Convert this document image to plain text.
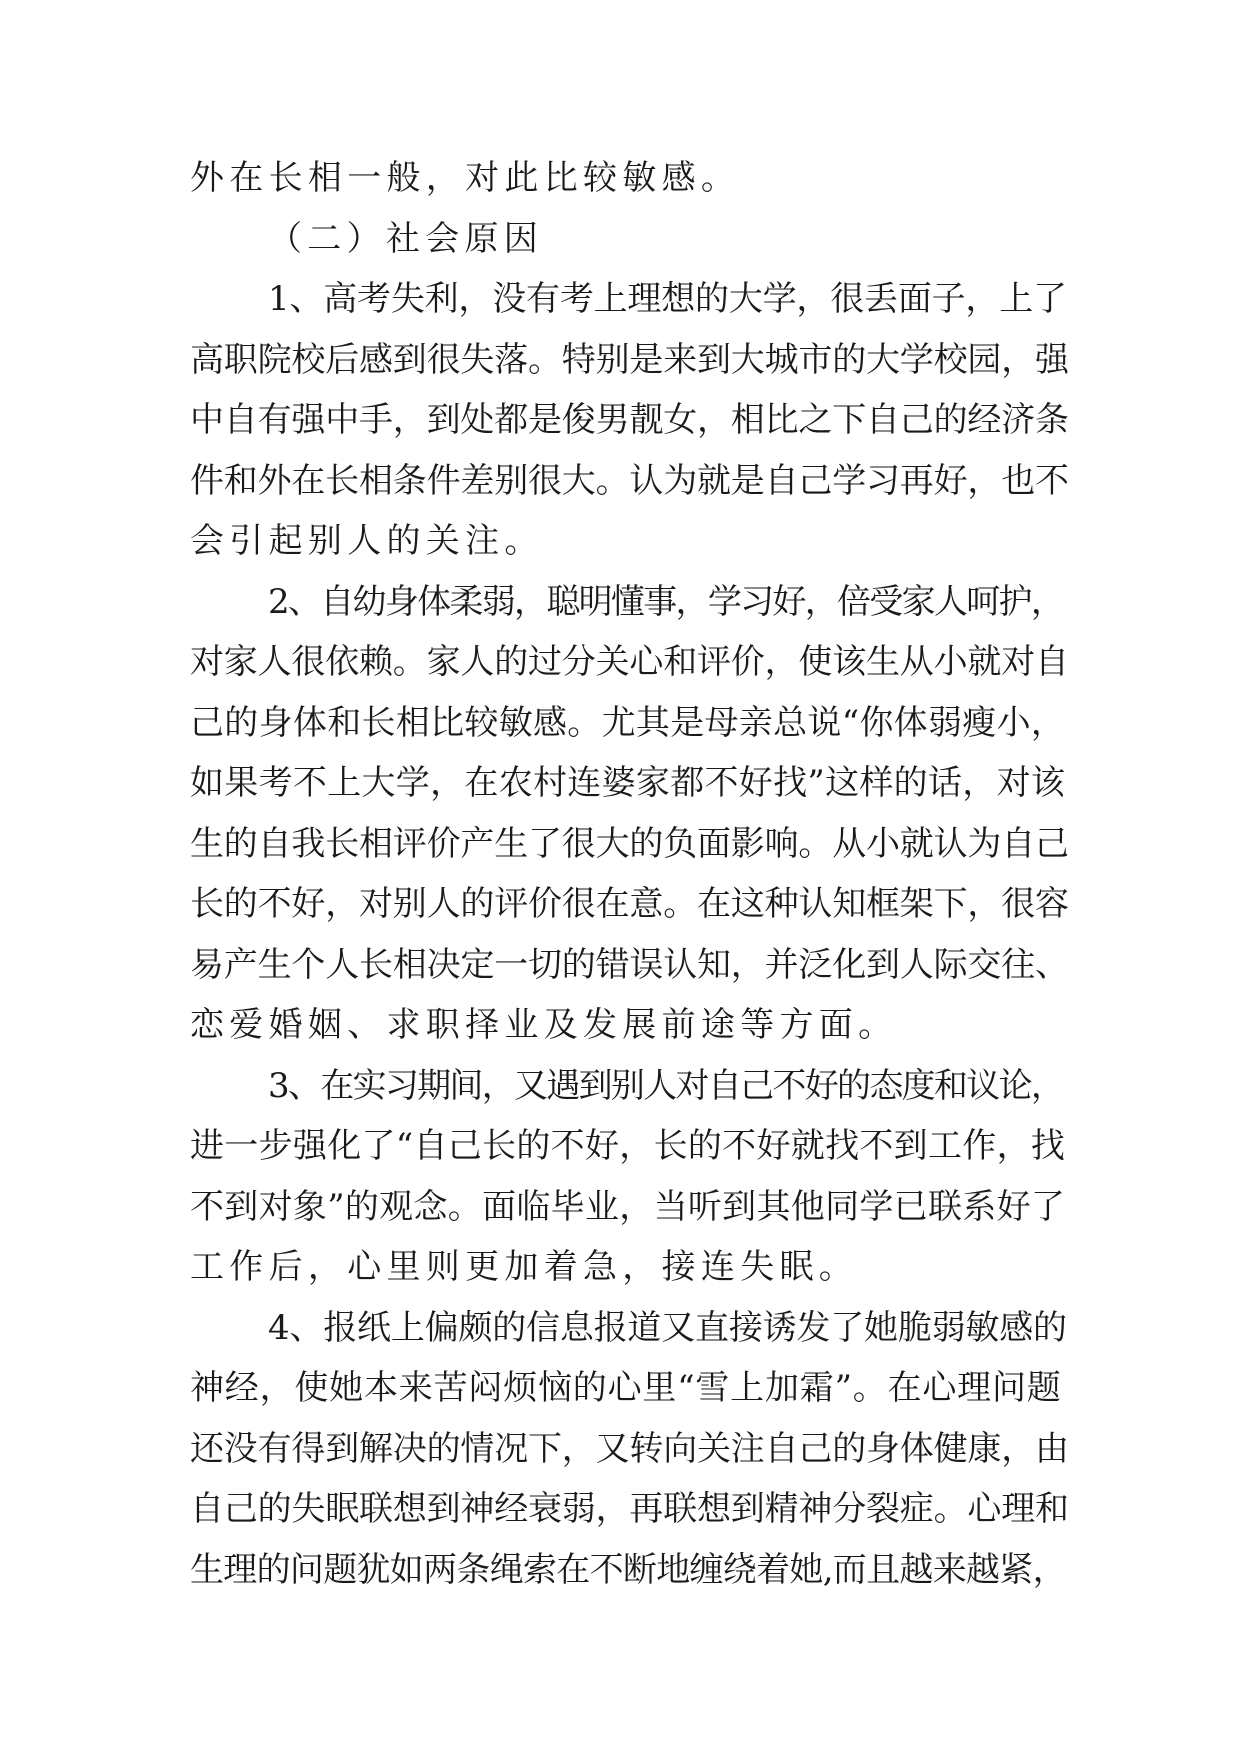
外在长相一般，对此比较敏感。
（二）社会原因
1、高考失利，没有考上理想的大学，很丢面子，上了
高职院校后感到很失落。特别是来到大城市的大学校园，强
中自有强中手，到处都是俊男靓女，相比之下自己的经济条
件和外在长相条件差别很大。认为就是自己学习再好，也不
会引起别人的关注。
2、自幼身体柔弱，聪明懂事，学习好，倍受家人呵护，
对家人很依赖。家人的过分关心和评价，使该生从小就对自
己的身体和长相比较敏感。尤其是母亲总说“你体弱瘦小，
如果考不上大学，在农村连婆家都不好找”这样的话，对该
生的自我长相评价产生了很大的负面影响。从小就认为自己
长的不好，对别人的评价很在意。在这种认知框架下，很容
易产生个人长相决定一切的错误认知，并泛化到人际交往、
恋爱婚姻、求职择业及发展前途等方面。
3、在实习期间，又遇到别人对自己不好的态度和议论，
进一步强化了“自己长的不好，长的不好就找不到工作，找
不到对象”的观念。面临毕业，当听到其他同学已联系好了
工作后，心里则更加着急，接连失眠。
4、报纸上偏颇的信息报道又直接诱发了她脆弱敏感的
神经，使她本来苦闷烦恼的心里“雪上加霜”。在心理问题
还没有得到解决的情况下，又转向关注自己的身体健康，由
自己的失眠联想到神经衰弱，再联想到精神分裂症。心理和
生理的问题犹如两条绳索在不断地缠绕着她,而且越来越紧，
